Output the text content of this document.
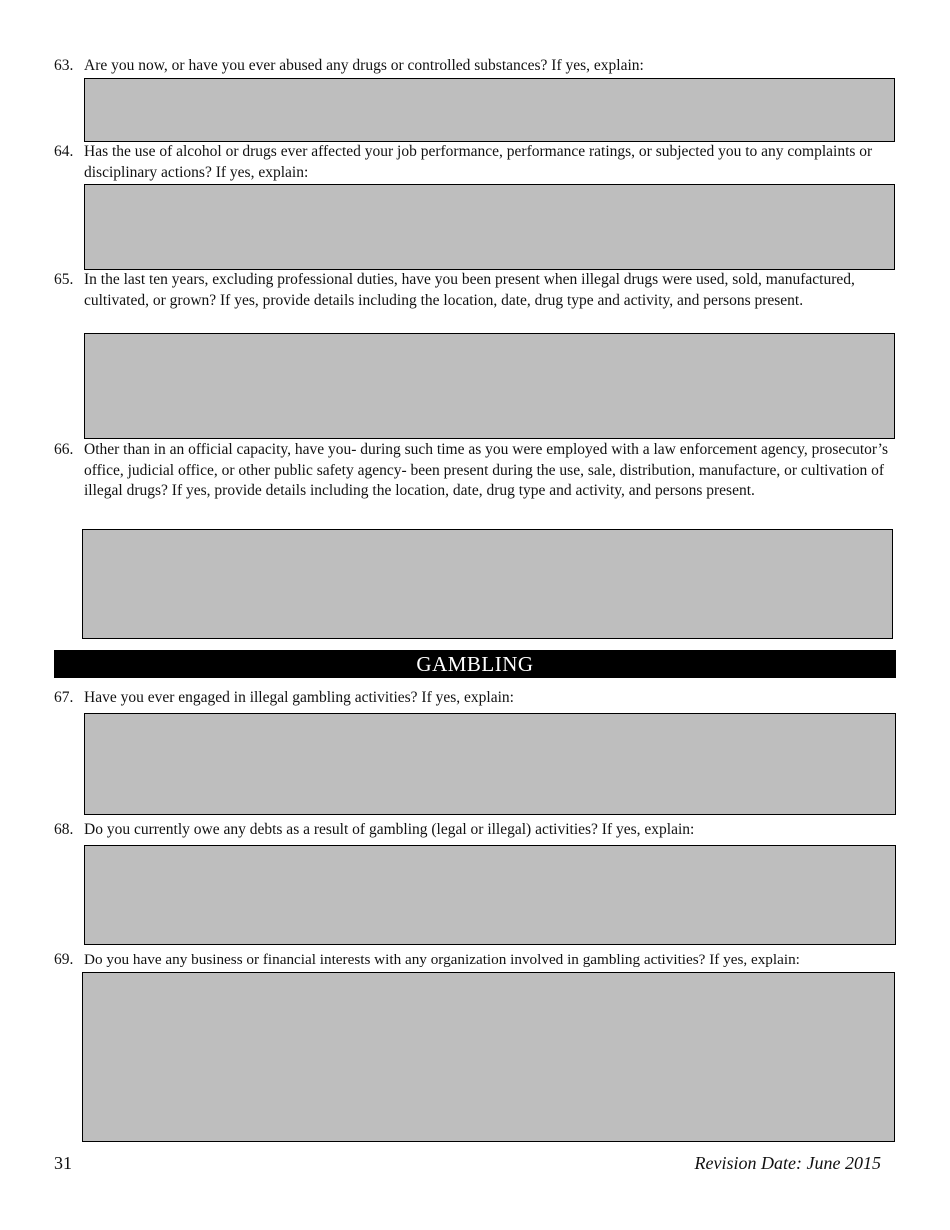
63. Are you now, or have you ever abused any drugs or controlled substances? If yes, explain:
64. Has the use of alcohol or drugs ever affected your job performance, performance ratings, or subjected you to any complaints or disciplinary actions? If yes, explain:
65. In the last ten years, excluding professional duties, have you been present when illegal drugs were used, sold, manufactured, cultivated, or grown? If yes, provide details including the location, date, drug type and activity, and persons present.
66. Other than in an official capacity, have you- during such time as you were employed with a law enforcement agency, prosecutor’s office, judicial office, or other public safety agency- been present during the use, sale, distribution, manufacture, or cultivation of illegal drugs? If yes, provide details including the location, date, drug type and activity, and persons present.
GAMBLING
67. Have you ever engaged in illegal gambling activities? If yes, explain:
68. Do you currently owe any debts as a result of gambling (legal or illegal) activities? If yes, explain:
69. Do you have any business or financial interests with any organization involved in gambling activities? If yes, explain:
31	Revision Date: June 2015
